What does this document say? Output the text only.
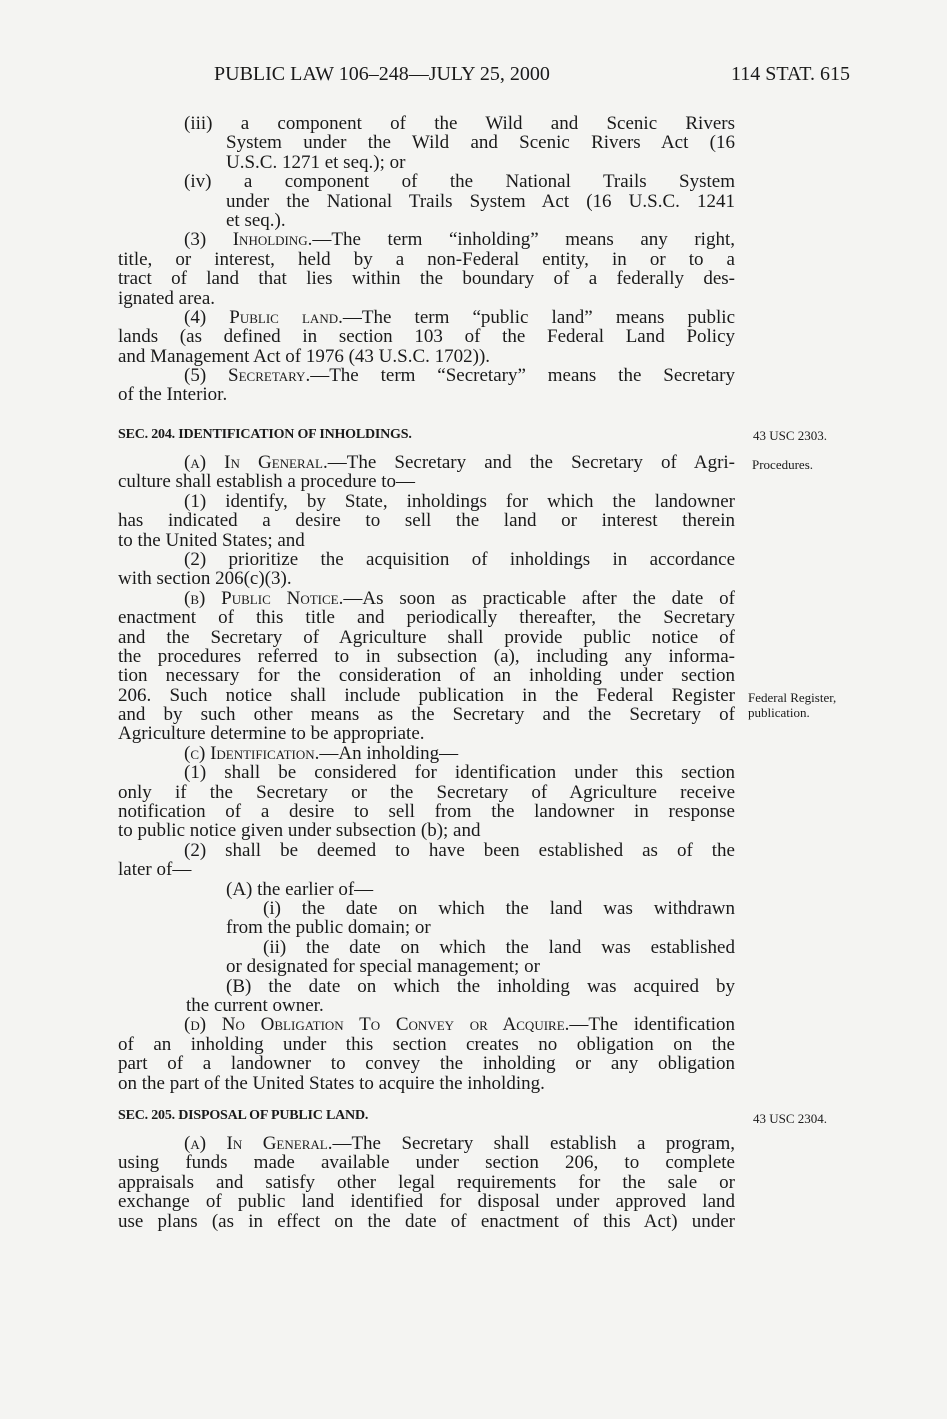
PUBLIC LAW 106–248—JULY 25, 2000	114 STAT. 615
(iii) a component of the Wild and Scenic Rivers
System under the Wild and Scenic Rivers Act (16
U.S.C. 1271 et seq.); or
(iv) a component of the National Trails System
under the National Trails System Act (16 U.S.C. 1241
et seq.).
(3) Inholding.—The term “inholding” means any right,
title, or interest, held by a non-Federal entity, in or to a
tract of land that lies within the boundary of a federally des-
ignated area.
(4) Public land.—The term “public land” means public
lands (as defined in section 103 of the Federal Land Policy
and Management Act of 1976 (43 U.S.C. 1702)).
(5) Secretary.—The term “Secretary” means the Secretary
of the Interior.
SEC. 204. IDENTIFICATION OF INHOLDINGS.
(a) In General.—The Secretary and the Secretary of Agri-
culture shall establish a procedure to—
(1) identify, by State, inholdings for which the landowner
has indicated a desire to sell the land or interest therein
to the United States; and
(2) prioritize the acquisition of inholdings in accordance
with section 206(c)(3).
(b) Public Notice.—As soon as practicable after the date of
enactment of this title and periodically thereafter, the Secretary
and the Secretary of Agriculture shall provide public notice of
the procedures referred to in subsection (a), including any informa-
tion necessary for the consideration of an inholding under section
206. Such notice shall include publication in the Federal Register
and by such other means as the Secretary and the Secretary of
Agriculture determine to be appropriate.
(c) Identification.—An inholding—
(1) shall be considered for identification under this section
only if the Secretary or the Secretary of Agriculture receive
notification of a desire to sell from the landowner in response
to public notice given under subsection (b); and
(2) shall be deemed to have been established as of the
later of—
(A) the earlier of—
(i) the date on which the land was withdrawn
from the public domain; or
(ii) the date on which the land was established
or designated for special management; or
(B) the date on which the inholding was acquired by
the current owner.
(d) No Obligation To Convey or Acquire.—The identification
of an inholding under this section creates no obligation on the
part of a landowner to convey the inholding or any obligation
on the part of the United States to acquire the inholding.
SEC. 205. DISPOSAL OF PUBLIC LAND.
(a) In General.—The Secretary shall establish a program,
using funds made available under section 206, to complete
appraisals and satisfy other legal requirements for the sale or
exchange of public land identified for disposal under approved land
use plans (as in effect on the date of enactment of this Act) under
43 USC 2303.
Procedures.
Federal Register,
publication.
43 USC 2304.
